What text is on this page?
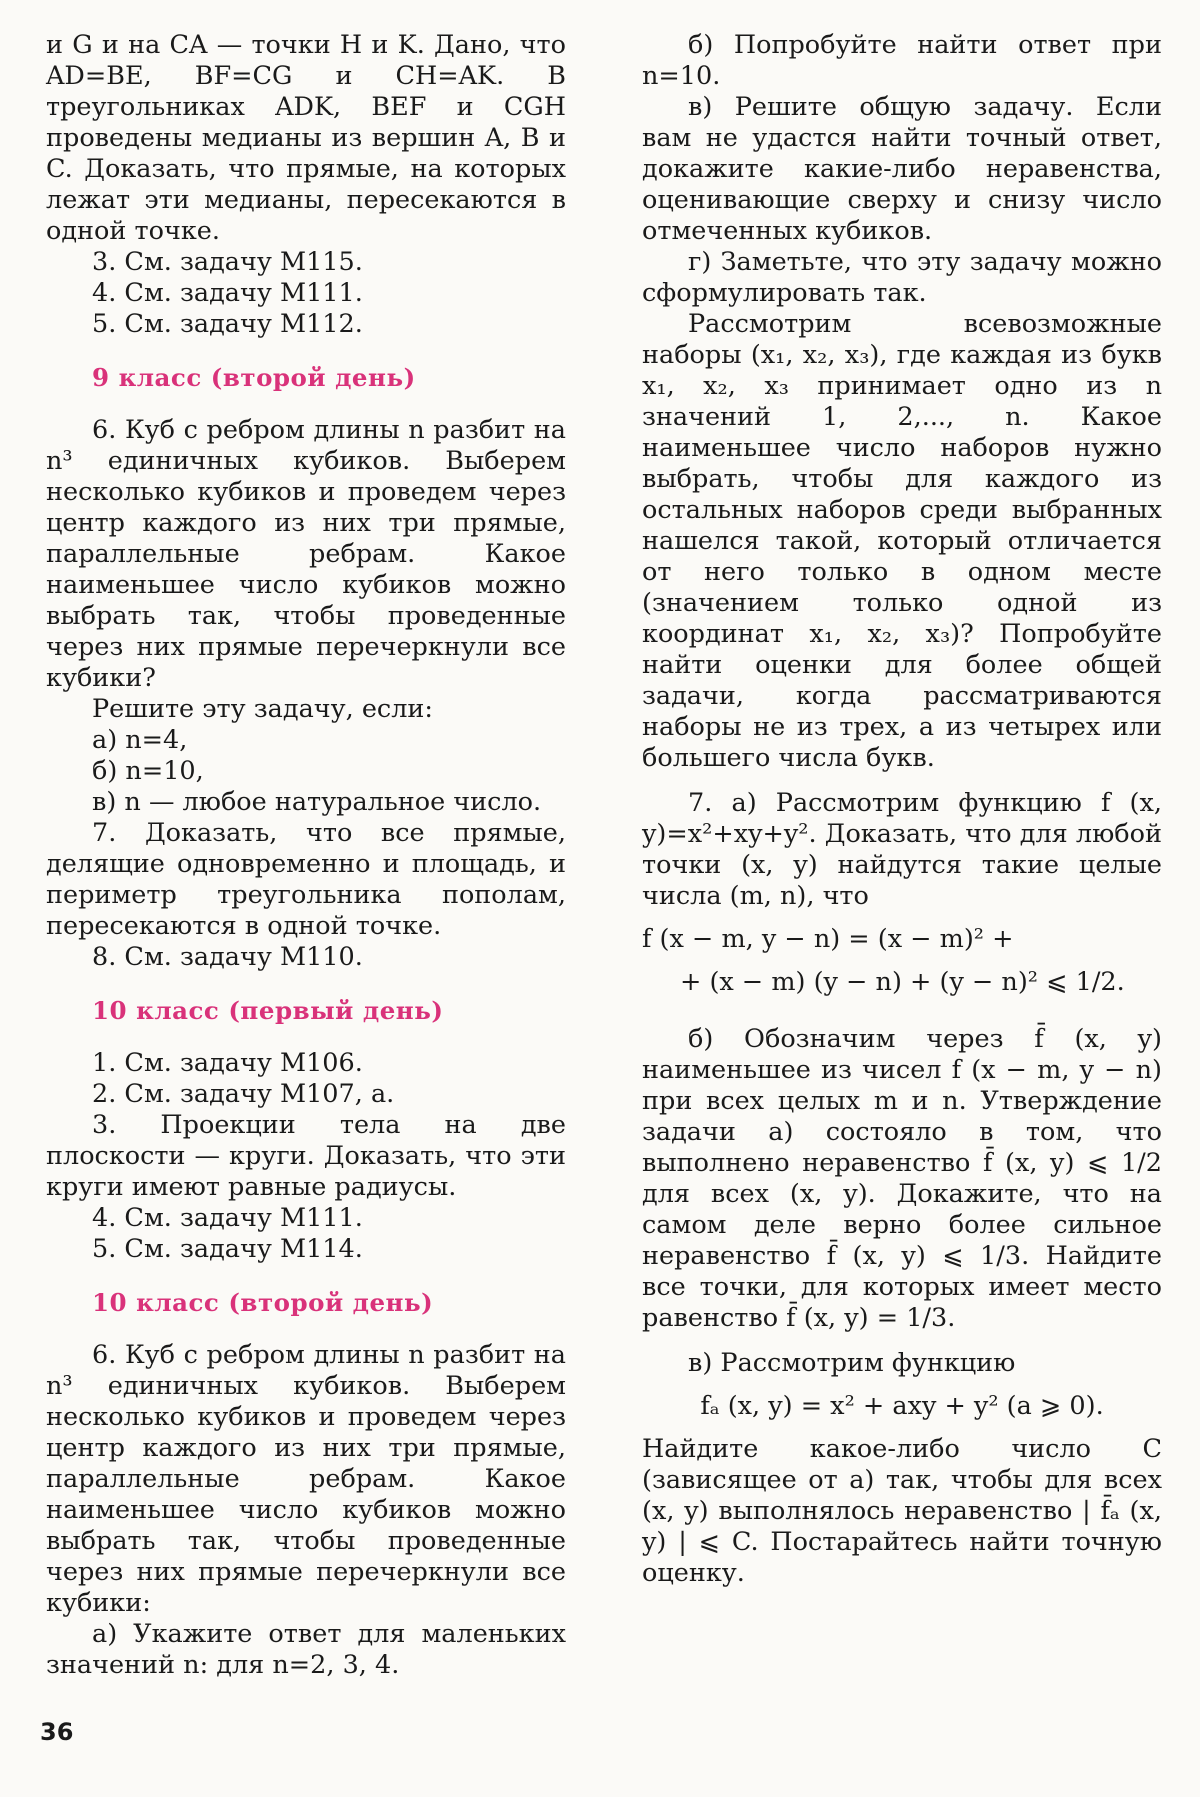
и G и на CA — точки H и K. Дано, что AD=BE, BF=CG и CH=AK. В треугольниках ADK, BEF и CGH проведены медианы из вершин A, B и C. Доказать, что прямые, на которых лежат эти медианы, пересекаются в одной точке.

3. См. задачу М115.

4. См. задачу М111.

5. См. задачу М112.

9 класс (второй день)

6. Куб с ребром длины n разбит на n³ единичных кубиков. Выберем несколько кубиков и проведем через центр каждого из них три прямые, параллельные ребрам. Какое наименьшее число кубиков можно выбрать так, чтобы проведенные через них прямые перечеркнули все кубики?

Решите эту задачу, если:

а) n=4,

б) n=10,

в) n — любое натуральное число.

7. Доказать, что все прямые, делящие одновременно и площадь, и периметр треугольника пополам, пересекаются в одной точке.

8. См. задачу М110.

10 класс (первый день)

1. См. задачу М106.

2. См. задачу М107, а.

3. Проекции тела на две плоскости — круги. Доказать, что эти круги имеют равные радиусы.

4. См. задачу М111.

5. См. задачу М114.

10 класс (второй день)

6. Куб с ребром длины n разбит на n³ единичных кубиков. Выберем несколько кубиков и проведем через центр каждого из них три прямые, параллельные ребрам. Какое наименьшее число кубиков можно выбрать так, чтобы проведенные через них прямые перечеркнули все кубики:

а) Укажите ответ для маленьких значений n: для n=2, 3, 4.

б) Попробуйте найти ответ при n=10.

в) Решите общую задачу. Если вам не удастся найти точный ответ, докажите какие-либо неравенства, оценивающие сверху и снизу число отмеченных кубиков.

г) Заметьте, что эту задачу можно сформулировать так.

Рассмотрим всевозможные наборы (x₁, x₂, x₃), где каждая из букв x₁, x₂, x₃ принимает одно из n значений 1, 2,..., n. Какое наименьшее число наборов нужно выбрать, чтобы для каждого из остальных наборов среди выбранных нашелся такой, который отличается от него только в одном месте (значением только одной из координат x₁, x₂, x₃)? Попробуйте найти оценки для более общей задачи, когда рассматриваются наборы не из трех, а из четырех или большего числа букв.

7. а) Рассмотрим функцию f (x, y)=x²+xy+y². Доказать, что для любой точки (x, y) найдутся такие целые числа (m, n), что

f (x − m, y − n) = (x − m)² +
+ (x − m) (y − n) + (y − n)² ⩽ 1/2.

б) Обозначим через f̄ (x, y) наименьшее из чисел f (x − m, y − n) при всех целых m и n. Утверждение задачи а) состояло в том, что выполнено неравенство f̄ (x, y) ⩽ 1/2 для всех (x, y). Докажите, что на самом деле верно более сильное неравенство f̄ (x, y) ⩽ 1/3. Найдите все точки, для которых имеет место равенство f̄ (x, y) = 1/3.

в) Рассмотрим функцию

fₐ (x, y) = x² + axy + y² (a ⩾ 0).

Найдите какое-либо число C (зависящее от a) так, чтобы для всех (x, y) выполнялось неравенство | f̄ₐ (x, y) | ⩽ C. Постарайтесь найти точную оценку.

36
